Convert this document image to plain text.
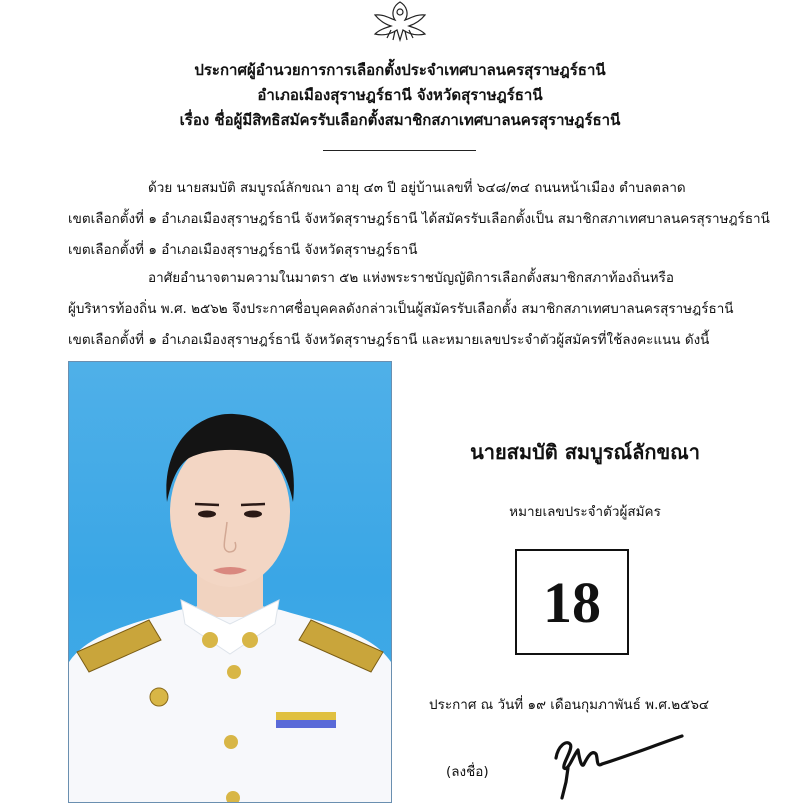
ประกาศผู้อำนวยการการเลือกตั้งประจำเทศบาลนครสุราษฎร์ธานี
อำเภอเมืองสุราษฎร์ธานี จังหวัดสุราษฎร์ธานี
เรื่อง ชื่อผู้มีสิทธิสมัครรับเลือกตั้งสมาชิกสภาเทศบาลนครสุราษฎร์ธานี
ด้วย นายสมบัติ สมบูรณ์ลักขณา อายุ ๔๓ ปี อยู่บ้านเลขที่ ๖๔๘/๓๔ ถนนหน้าเมือง ตำบลตลาด
เขตเลือกตั้งที่ ๑ อำเภอเมืองสุราษฎร์ธานี จังหวัดสุราษฎร์ธานี ได้สมัครรับเลือกตั้งเป็น สมาชิกสภาเทศบาลนครสุราษฎร์ธานี
เขตเลือกตั้งที่ ๑ อำเภอเมืองสุราษฎร์ธานี จังหวัดสุราษฎร์ธานี
อาศัยอำนาจตามความในมาตรา ๕๒ แห่งพระราชบัญญัติการเลือกตั้งสมาชิกสภาท้องถิ่นหรือ
ผู้บริหารท้องถิ่น พ.ศ. ๒๕๖๒ จึงประกาศชื่อบุคคลดังกล่าวเป็นผู้สมัครรับเลือกตั้ง สมาชิกสภาเทศบาลนครสุราษฎร์ธานี
เขตเลือกตั้งที่ ๑ อำเภอเมืองสุราษฎร์ธานี จังหวัดสุราษฎร์ธานี และหมายเลขประจำตัวผู้สมัครที่ใช้ลงคะแนน ดังนี้
นายสมบัติ สมบูรณ์ลักขณา
หมายเลขประจำตัวผู้สมัคร
18
ประกาศ ณ วันที่ ๑๙ เดือนกุมภาพันธ์ พ.ศ.๒๕๖๔
(ลงชื่อ)
